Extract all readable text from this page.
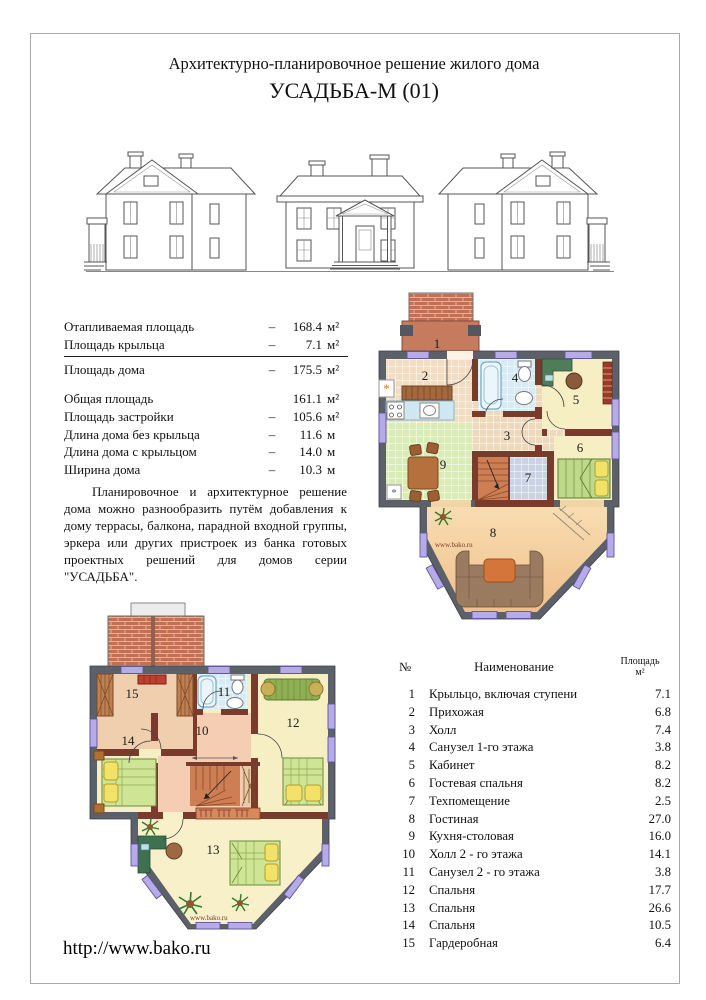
Архитектурно-планировочное решение жилого дома
УСАДЬБА-М (01)
Отапливаемая площадь	–	168.4 м²
Площадь крыльца	–	7.1 м²
Площадь дома	–	175.5 м²
Общая площадь	161.1 м²
Площадь застройки	–	105.6 м²
Длина дома без крыльца	–	11.6 м
Длина дома с крыльцом	–	14.0 м
Ширина дома	–	10.3 м
Планировочное и архитектурное решение дома можно разнообразить путём добавления к дому террасы, балкона, парадной входной группы, эркера или других пристроек из банка готовых проектных решений для домов серии "УСАДЬБА".
*
*
1
2
3
4
5
6
7
8
9
www.bako.ru
15	11
12
10
14
13
www.bako.ru
№	Наименование	Площадь
м²
1	Крыльцо, включая ступени	7.1
2	Прихожая	6.8
3	Холл	7.4
4	Санузел 1-го этажа	3.8
5	Кабинет	8.2
6	Гостевая спальня	8.2
7	Техпомещение	2.5
8	Гостиная	27.0
9	Кухня-столовая	16.0
10	Холл 2 - го этажа	14.1
11	Санузел 2 - го этажа	3.8
12	Спальня	17.7
13	Спальня	26.6
14	Спальня	10.5
15	Гардеробная	6.4
http://www.bako.ru
